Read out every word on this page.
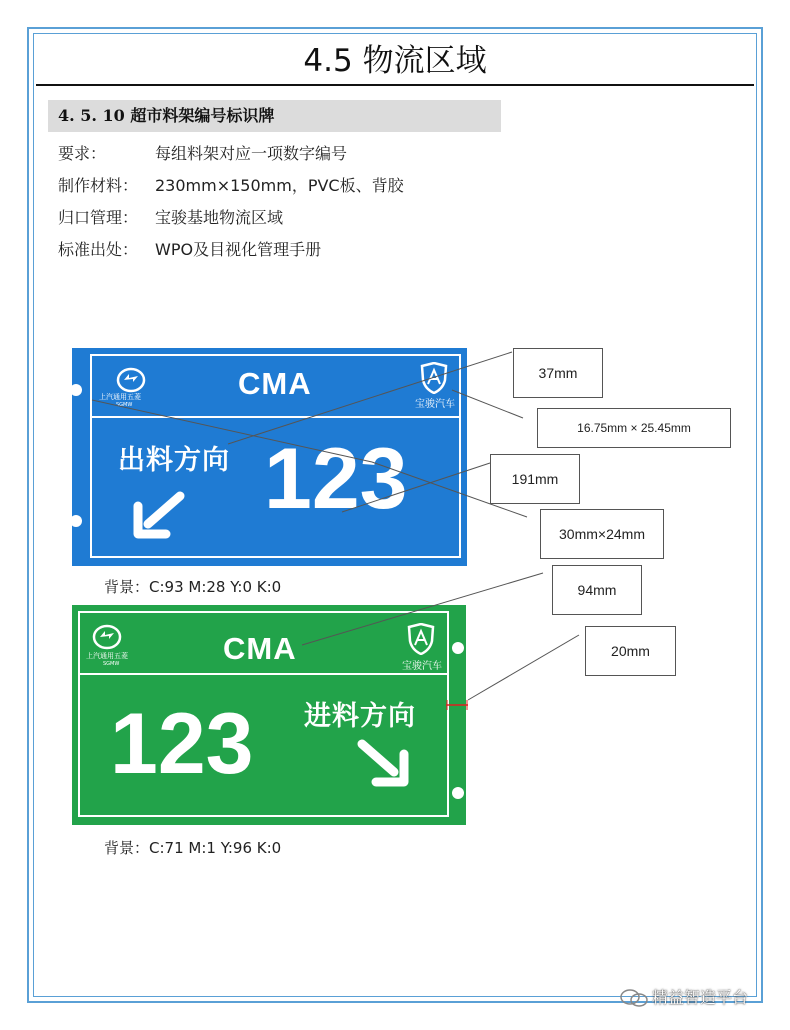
4.5 物流区域
4. 5. 10 超市料架编号标识牌
要求：	每组料架对应一项数字编号
制作材料： 230mm×150mm，PVC板、背胶
归口管理： 宝骏基地物流区域
标准出处： WPO及目视化管理手册
上汽通用五菱
SGMW
CMA
宝骏汽车
出料方向 123
背景：C:93 M:28 Y:0 K:0
上汽通用五菱
SGMW	CMA
宝骏汽车
123 进料方向
背景：C:71 M:1 Y:96 K:0
37mm
16.75mm × 25.45mm
191mm
30mm×24mm
94mm
20mm
精益智造平台
